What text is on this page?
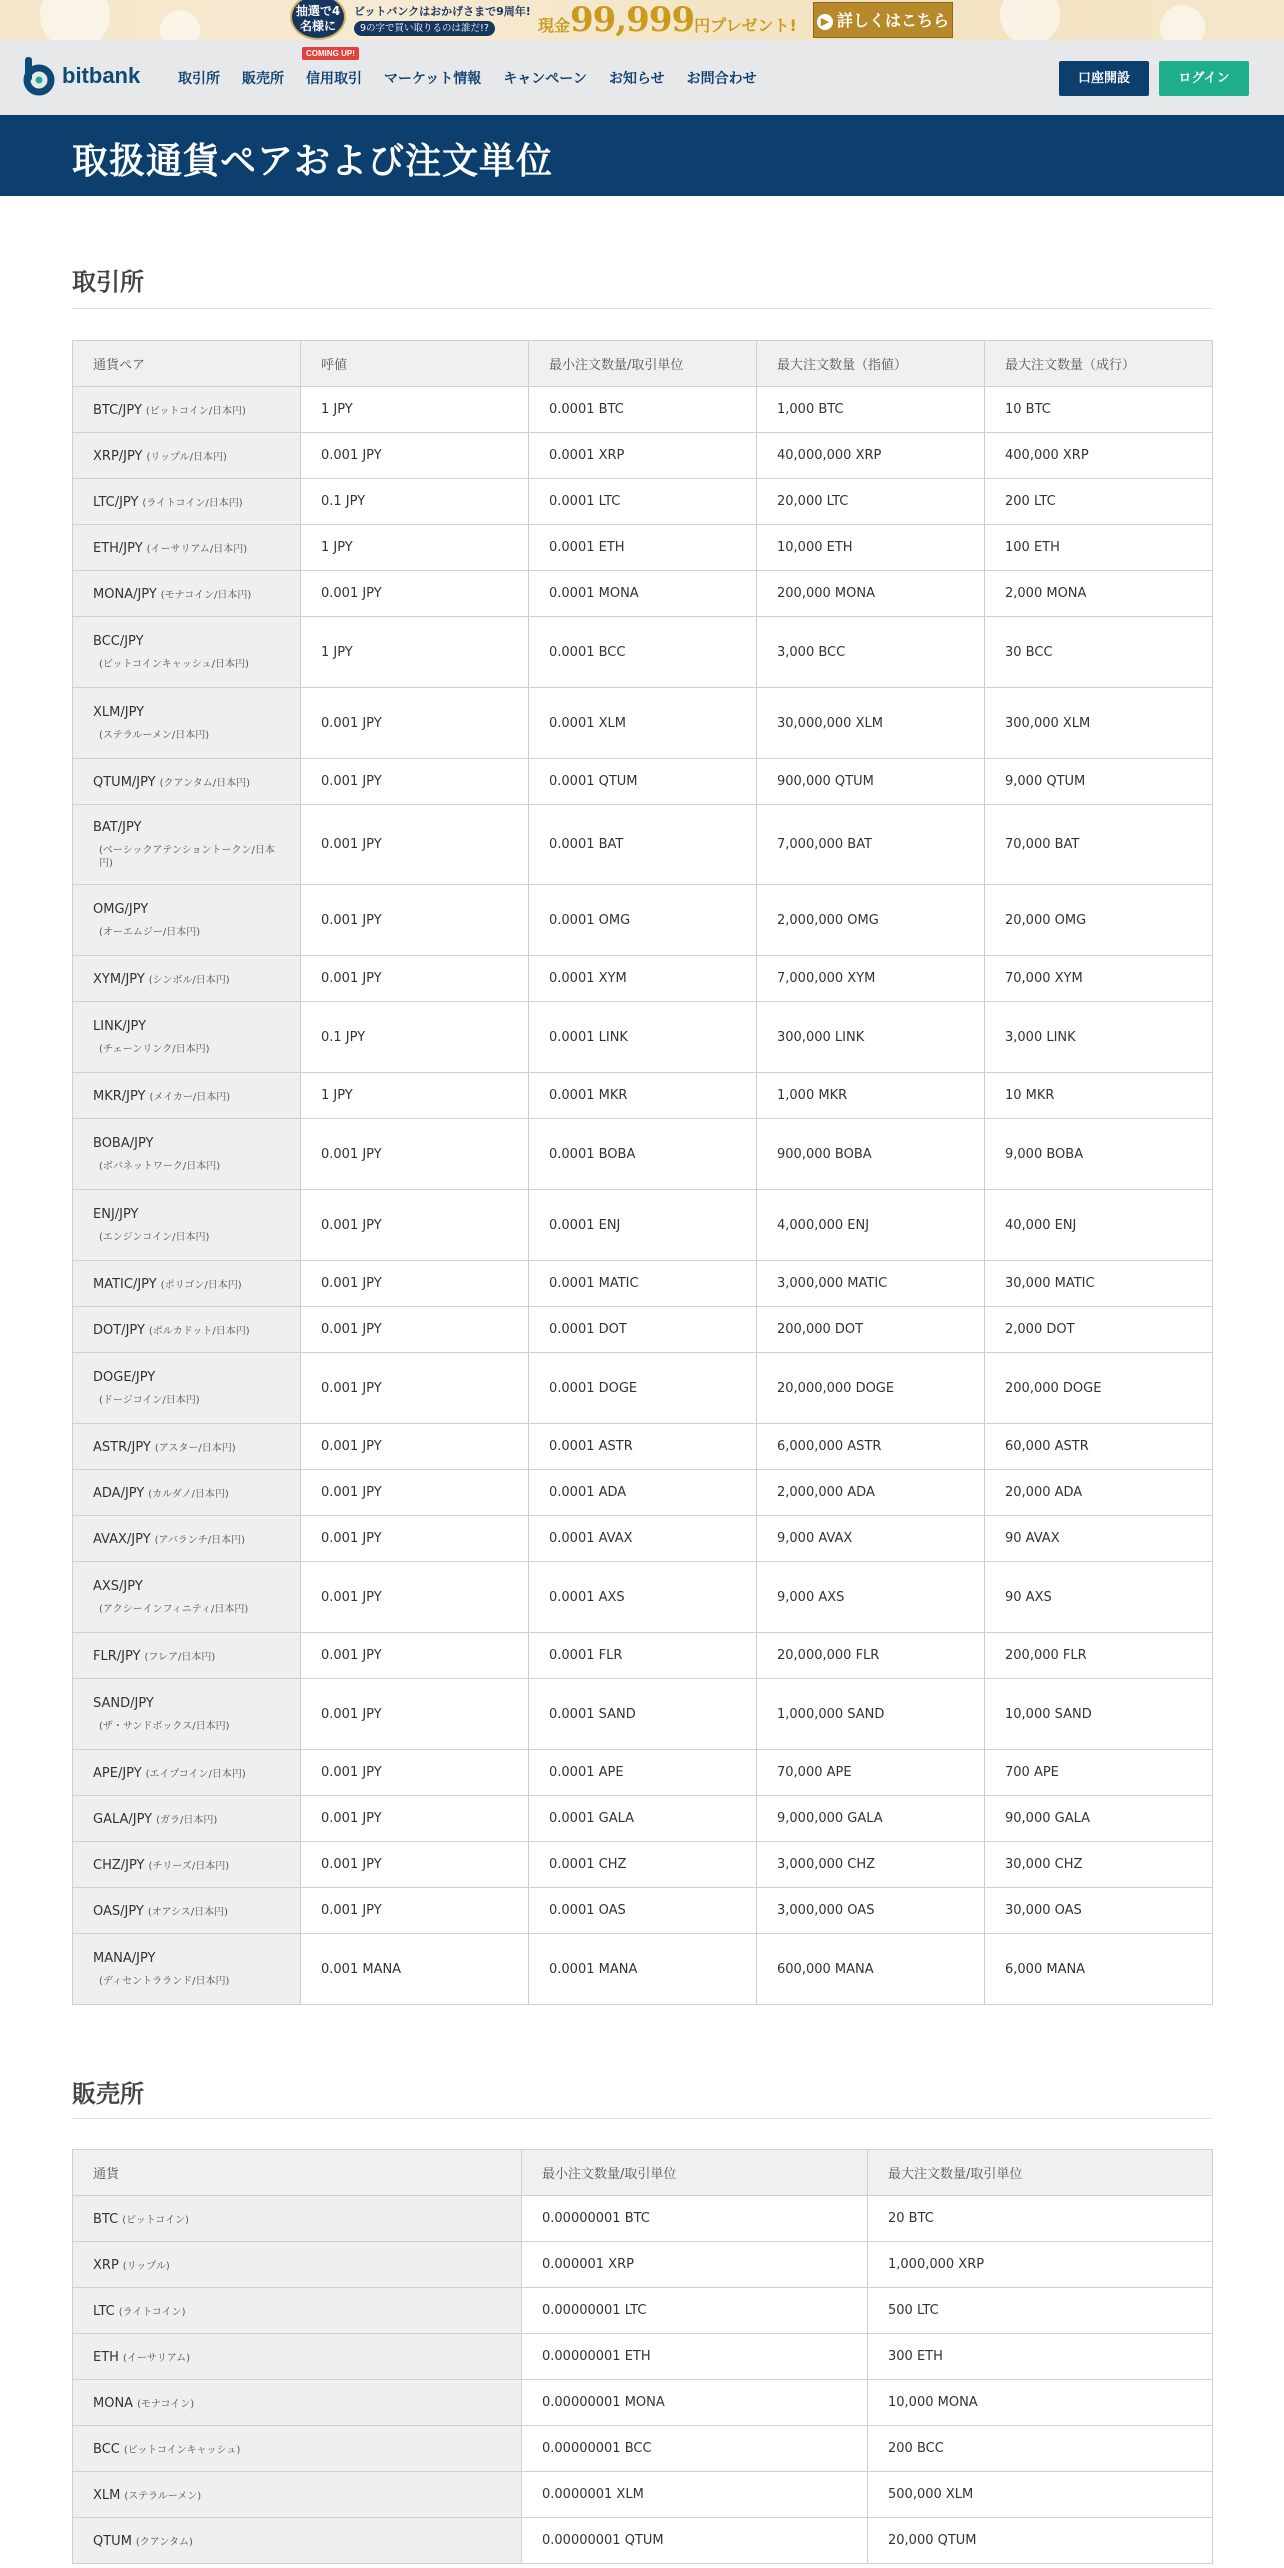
抽選で4名様に
ビットバンクはおかげさまで9周年!
9の字で買い取りるのは誰だ!?	現金99,999円プレゼント!	▶ 詳しくはこちら
bitbank	取引所 販売所 信用取引
COMING UP!
マーケット情報 キャンペーン お知らせ お問合わせ	口座開設	ログイン
取扱通貨ペアおよび注文単位
取引所
通貨ペア	呼値	最小注文数量/取引単位	最大注文数量（指値）	最大注文数量（成行）
BTC/JPY (ビットコイン/日本円)	1 JPY	0.0001 BTC	1,000 BTC	10 BTC
XRP/JPY (リップル/日本円)	0.001 JPY	0.0001 XRP	40,000,000 XRP	400,000 XRP
LTC/JPY (ライトコイン/日本円)	0.1 JPY	0.0001 LTC	20,000 LTC	200 LTC
ETH/JPY (イーサリアム/日本円)	1 JPY	0.0001 ETH	10,000 ETH	100 ETH
MONA/JPY (モナコイン/日本円)	0.001 JPY	0.0001 MONA	200,000 MONA	2,000 MONA
BCC/JPY
(ビットコインキャッシュ/日本円)	1 JPY	0.0001 BCC	3,000 BCC	30 BCC
XLM/JPY
(ステラルーメン/日本円)	0.001 JPY	0.0001 XLM	30,000,000 XLM	300,000 XLM
QTUM/JPY (クアンタム/日本円)	0.001 JPY	0.0001 QTUM	900,000 QTUM	9,000 QTUM
BAT/JPY
(ベーシックアテンショントークン/日本円)	0.001 JPY	0.0001 BAT	7,000,000 BAT	70,000 BAT
OMG/JPY
(オーエムジー/日本円)	0.001 JPY	0.0001 OMG	2,000,000 OMG	20,000 OMG
XYM/JPY (シンボル/日本円)	0.001 JPY	0.0001 XYM	7,000,000 XYM	70,000 XYM
LINK/JPY
(チェーンリンク/日本円)	0.1 JPY	0.0001 LINK	300,000 LINK	3,000 LINK
MKR/JPY (メイカー/日本円)	1 JPY	0.0001 MKR	1,000 MKR	10 MKR
BOBA/JPY
(ボバネットワーク/日本円)	0.001 JPY	0.0001 BOBA	900,000 BOBA	9,000 BOBA
ENJ/JPY
(エンジンコイン/日本円)	0.001 JPY	0.0001 ENJ	4,000,000 ENJ	40,000 ENJ
MATIC/JPY (ポリゴン/日本円)	0.001 JPY	0.0001 MATIC	3,000,000 MATIC	30,000 MATIC
DOT/JPY (ポルカドット/日本円)	0.001 JPY	0.0001 DOT	200,000 DOT	2,000 DOT
DOGE/JPY
(ドージコイン/日本円)	0.001 JPY	0.0001 DOGE	20,000,000 DOGE	200,000 DOGE
ASTR/JPY (アスター/日本円)	0.001 JPY	0.0001 ASTR	6,000,000 ASTR	60,000 ASTR
ADA/JPY (カルダノ/日本円)	0.001 JPY	0.0001 ADA	2,000,000 ADA	20,000 ADA
AVAX/JPY (アバランチ/日本円)	0.001 JPY	0.0001 AVAX	9,000 AVAX	90 AVAX
AXS/JPY
(アクシーインフィニティ/日本円)	0.001 JPY	0.0001 AXS	9,000 AXS	90 AXS
FLR/JPY (フレア/日本円)	0.001 JPY	0.0001 FLR	20,000,000 FLR	200,000 FLR
SAND/JPY
(ザ・サンドボックス/日本円)	0.001 JPY	0.0001 SAND	1,000,000 SAND	10,000 SAND
APE/JPY (エイプコイン/日本円)	0.001 JPY	0.0001 APE	70,000 APE	700 APE
GALA/JPY (ガラ/日本円)	0.001 JPY	0.0001 GALA	9,000,000 GALA	90,000 GALA
CHZ/JPY (チリーズ/日本円)	0.001 JPY	0.0001 CHZ	3,000,000 CHZ	30,000 CHZ
OAS/JPY (オアシス/日本円)	0.001 JPY	0.0001 OAS	3,000,000 OAS	30,000 OAS
MANA/JPY
(ディセントラランド/日本円)	0.001 MANA	0.0001 MANA	600,000 MANA	6,000 MANA
販売所
通貨	最小注文数量/取引単位	最大注文数量/取引単位
BTC (ビットコイン)	0.00000001 BTC	20 BTC
XRP (リップル)	0.000001 XRP	1,000,000 XRP
LTC (ライトコイン)	0.00000001 LTC	500 LTC
ETH (イーサリアム)	0.00000001 ETH	300 ETH
MONA (モナコイン)	0.00000001 MONA	10,000 MONA
BCC (ビットコインキャッシュ)	0.00000001 BCC	200 BCC
XLM (ステラルーメン)	0.0000001 XLM	500,000 XLM
QTUM (クアンタム)	0.00000001 QTUM	20,000 QTUM
